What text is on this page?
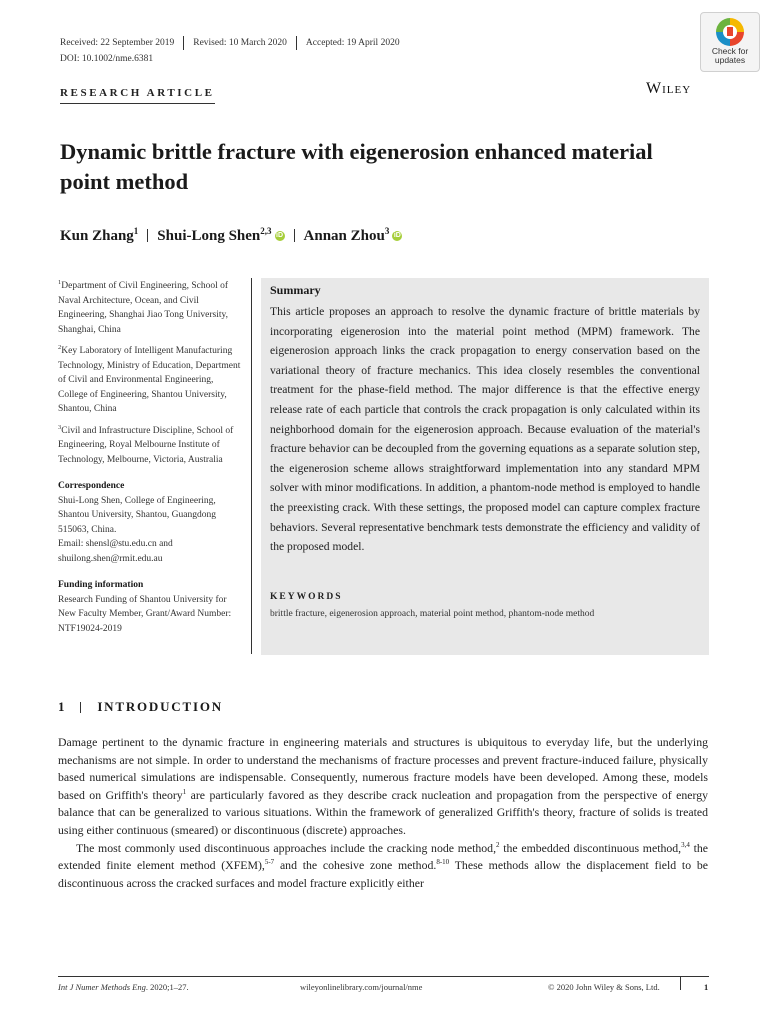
Received: 22 September 2019 Revised: 10 March 2020 Accepted: 19 April 2020
DOI: 10.1002/nme.6381
Check for
updates
Wiley
RESEARCH ARTICLE
Dynamic brittle fracture with eigenerosion enhanced material point method
Kun Zhang$^1$ Shui-Long Shen$^{2,3}$ iD Annan Zhou$^3$ iD

$^1$Department of Civil Engineering, School of Naval Architecture, Ocean, and Civil Engineering, Shanghai Jiao Tong University, Shanghai, China

$^2$Key Laboratory of Intelligent Manufacturing Technology, Ministry of Education, Department of Civil and Environmental Engineering, College of Engineering, Shantou University, Shantou, China

$^3$Civil and Infrastructure Discipline, School of Engineering, Royal Melbourne Institute of Technology, Melbourne, Victoria, Australia

Correspondence

Shui-Long Shen, College of Engineering, Shantou University, Shantou, Guangdong 515063, China.

Email: shensl@stu.edu.cn and shuilong.shen@rmit.edu.au

Funding information

Research Funding of Shantou University for New Faculty Member, Grant/Award Number: NTF19024-2019

Summary
This article proposes an approach to resolve the dynamic fracture of brittle materials by incorporating eigenerosion into the material point method (MPM) framework. The eigenerosion approach links the crack propagation to energy conservation based on the variational theory of fracture mechanics. This idea closely resembles the conventional treatment for the phase-field method. The major difference is that the effective energy release rate of each particle that controls the crack propagation is only calculated within its neighborhood domain for the eigenerosion approach. Because evaluation of the material's fracture behavior can be decoupled from the governing equations as a separate solution step, the eigenerosion scheme allows straightforward implementation into any standard MPM solver with minor modifications. In addition, a phantom-node method is employed to handle the preexisting crack. With these settings, the proposed model can capture complex fracture behaviors. Several representative benchmark tests demonstrate the efficiency and validity of the proposed model.
KEYWORDS
brittle fracture, eigenerosion approach, material point method, phantom-node method
1 INTRODUCTION

Damage pertinent to the dynamic fracture in engineering materials and structures is ubiquitous to everyday life, but the underlying mechanisms are not simple. In order to understand the mechanisms of fracture processes and prevent fracture-induced failure, physically based numerical simulations are indispensable. Consequently, numerous fracture models have been developed. Among these, models based on Griffith's theory$^1$ are particularly favored as they describe crack nucleation and propagation from the perspective of energy balance that can be generalized to various situations. Within the framework of generalized Griffith's theory, fracture of solids is treated using either continuous (smeared) or discontinuous (discrete) approaches.

The most commonly used discontinuous approaches include the cracking node method,$^2$ the embedded discontinuous method,$^{3,4}$ the extended finite element method (XFEM),$^{5-7}$ and the cohesive zone method.$^{8-10}$ These methods allow the displacement field to be discontinuous across the cracked surfaces and model fracture explicitly either

Int J Numer Methods Eng. 2020;1–27.	wileyonlinelibrary.com/journal/nme	© 2020 John Wiley & Sons, Ltd.	1
